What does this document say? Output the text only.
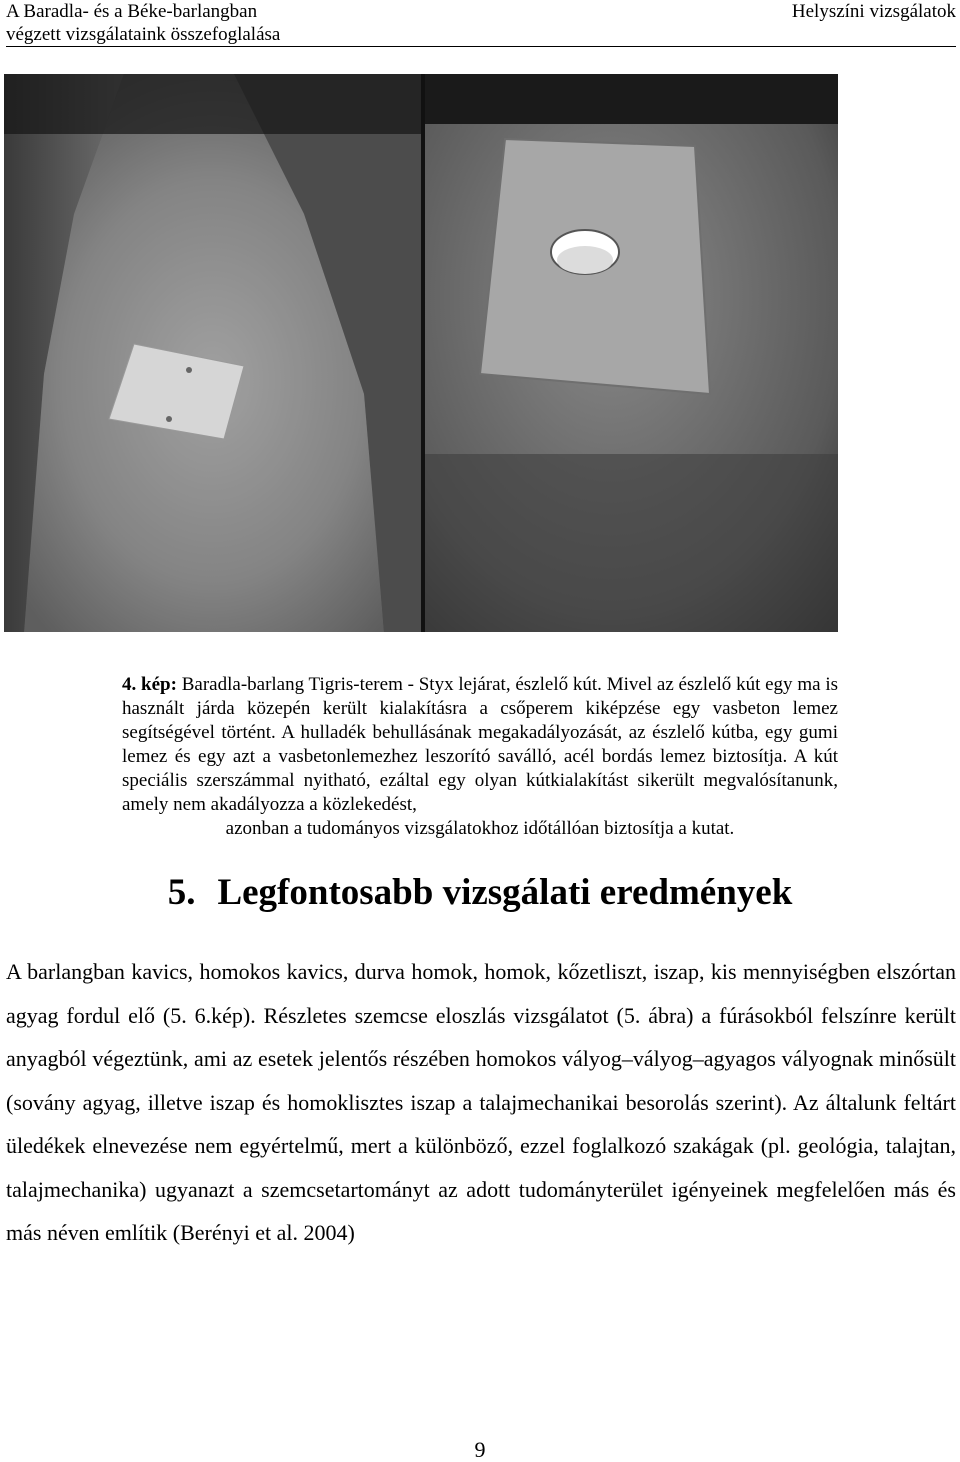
A Baradla- és a Béke-barlangban
végzett vizsgálataink összefoglalása
Helyszíni vizsgálatok
4. kép: Baradla-barlang Tigris-terem - Styx lejárat, észlelő kút. Mivel az észlelő kút egy ma is használt járda közepén került kialakításra a csőperem kiképzése egy vasbeton lemez segítségével történt. A hulladék behullásának megakadályozását, az észlelő kútba, egy gumi lemez és egy azt a vasbetonlemezhez leszorító saválló, acél bordás lemez biztosítja. A kút speciális szerszámmal nyitható, ezáltal egy olyan kútkialakítást sikerült megvalósítanunk, amely nem akadályozza a közlekedést,
azonban a tudományos vizsgálatokhoz időtállóan biztosítja a kutat.
5. Legfontosabb vizsgálati eredmények

A barlangban kavics, homokos kavics, durva homok, homok, kőzetliszt, iszap, kis mennyiségben elszórtan agyag fordul elő (5. 6.kép). Részletes szemcse eloszlás vizsgálatot (5. ábra) a fúrásokból felszínre került anyagból végeztünk, ami az esetek jelentős részében homokos vályog–vályog–agyagos vályognak minősült (sovány agyag, illetve iszap és homoklisztes iszap a talajmechanikai besorolás szerint). Az általunk feltárt üledékek elnevezése nem egyértelmű, mert a különböző, ezzel foglalkozó szakágak (pl. geológia, talajtan, talajmechanika) ugyanazt a szemcsetartományt az adott tudományterület igényeinek megfelelően más és más néven említik (Berényi et al. 2004)

9
